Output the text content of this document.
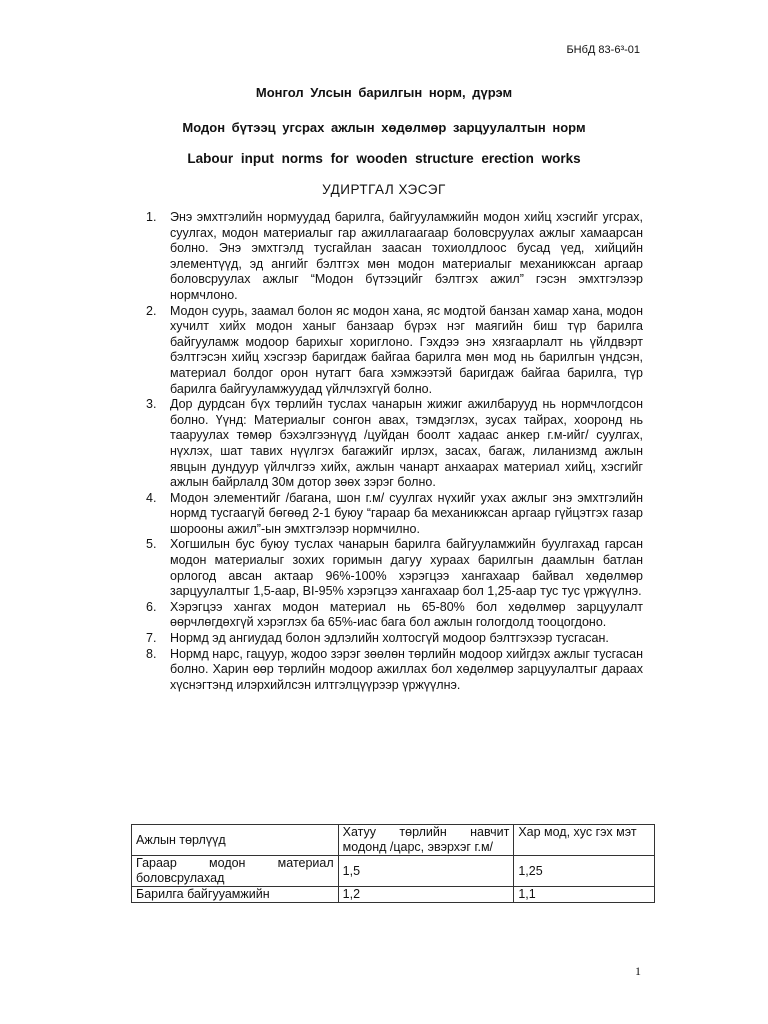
БНбД 83-6³-01
Монгол Улсын барилгын норм, дүрэм
Модон бүтээц угсрах ажлын хөдөлмөр зарцуулалтын норм
Labour input norms for wooden structure erection works
УДИРТГАЛ ХЭСЭГ
1. Энэ эмхтгэлийн нормуудад барилга, байгууламжийн модон хийц хэсгийг угсрах, суулгах, модон материалыг гар ажиллагаагаар боловсруулах ажлыг хамаарсан болно. Энэ эмхтгэлд тусгайлан заасан тохиолдлоос бусад үед, хийцийн элементүүд, эд ангийг бэлтгэх мөн модон материалыг механикжсан аргаар боловсруулах ажлыг “Модон бүтээцийг бэлтгэх ажил” гэсэн эмхтгэлээр нормчлоно.
2. Модон суурь, заамал болон яс модон хана, яс модтой банзан хамар хана, модон хучилт хийх модон ханыг банзаар бүрэх нэг маягийн биш түр барилга байгууламж модоор барихыг хориглоно. Гэхдээ энэ хязгаарлалт нь үйлдвэрт бэлтгэсэн хийц хэсгээр баригдаж байгаа барилга мөн мод нь барилгын үндсэн, материал болдог орон нутагт бага хэмжээтэй баригдаж байгаа барилга, түр барилга байгууламжуудад үйлчлэхгүй болно.
3. Дор дурдсан бүх төрлийн туслах чанарын жижиг ажилбарууд нь нормчлогдсон болно. Үүнд: Материалыг сонгон авах, тэмдэглэх, зусах тайрах, хооронд нь тааруулах төмөр бэхэлгээнүүд /цуйдан боолт хадаас анкер г.м-ийг/ суулгах, нүхлэх, шат тавих нүүлгэх багажийг ирлэх, засах, багаж, лиланизмд ажлын явцын дундуур үйлчлгээ хийх, ажлын чанарт анхаарах материал хийц, хэсгийг ажлын байрлалд 30м дотор зөөх зэрэг болно.
4. Модон элементийг /багана, шон г.м/ суулгах нүхийг ухах ажлыг энэ эмхтгэлийн нормд тусгаагүй бөгөөд 2-1 буюу “гараар ба механикжсан аргаар гүйцэтгэх газар шорооны ажил”-ын эмхтгэлээр нормчилно.
5. Хогшилын бус буюу туслах чанарын барилга байгууламжийн буулгахад гарсан модон материалыг зохих горимын дагуу хураах барилгын даамлын батлан орлогод авсан актаар 96%-100% хэрэгцээ хангахаар байвал хөдөлмөр зарцуулалтыг 1,5-аар, BI-95% хэрэгцээ хангахаар бол 1,25-аар тус тус үржүүлнэ.
6. Хэрэгцээ хангах модон материал нь 65-80% бол хөдөлмөр зарцуулалт өөрчлөгдөхгүй хэрэглэх ба 65%-иас бага бол ажлын гологдолд тооцогдоно.
7. Нормд эд ангиудад болон эдлэлийн холтосгүй модоор бэлтгэхээр тусгасан.
8. Нормд нарс, гацуур, жодоо зэрэг зөөлөн төрлийн модоор хийгдэх ажлыг тусгасан болно. Харин өөр төрлийн модоор ажиллах бол хөдөлмөр зарцуулалтыг дараах хүснэгтэнд илэрхийлсэн илтгэлцүүрээр үржүүлнэ.
Ажлын төрлүүд	Хатуу төрлийн навчит модонд /царс, эвэрхэг г.м/	Хар мод, хус гэх мэт
Гараар модон материал боловсрулахад	1,5	1,25
Барилга байгууамжийн	1,2	1,1
1
